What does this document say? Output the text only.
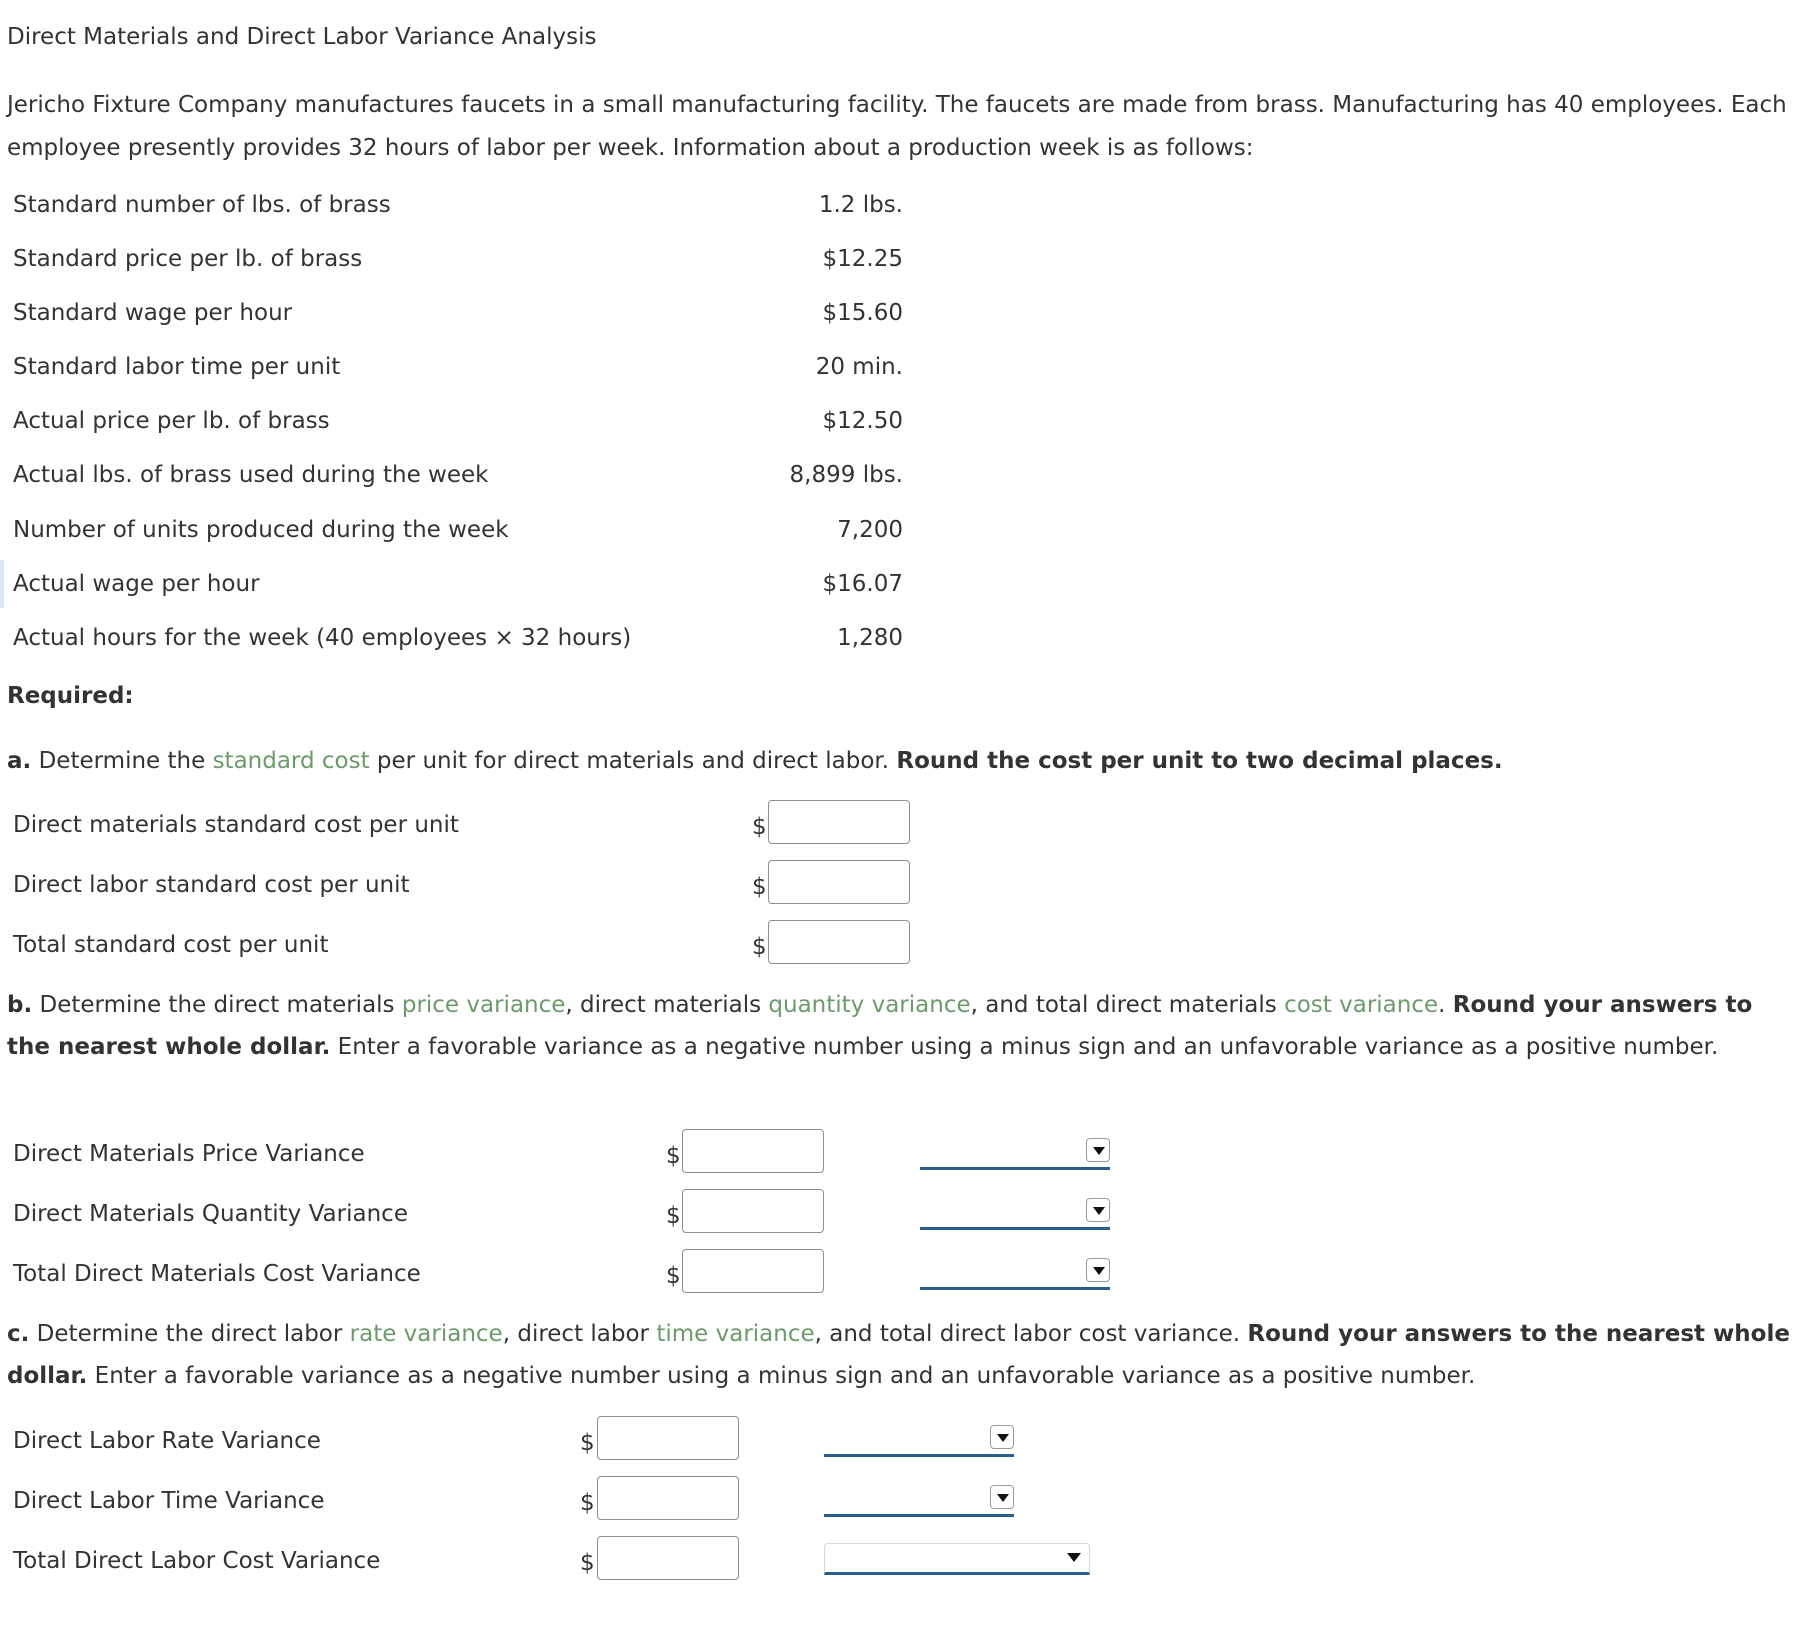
Direct Materials and Direct Labor Variance Analysis
Jericho Fixture Company manufactures faucets in a small manufacturing facility. The faucets are made from brass. Manufacturing has 40 employees. Each employee presently provides 32 hours of labor per week. Information about a production week is as follows:
Standard number of lbs. of brass	1.2 lbs.
Standard price per lb. of brass	$12.25
Standard wage per hour	$15.60
Standard labor time per unit	20 min.
Actual price per lb. of brass	$12.50
Actual lbs. of brass used during the week	8,899 lbs.
Number of units produced during the week	7,200
Actual wage per hour	$16.07
Actual hours for the week (40 employees × 32 hours)	1,280
Required:
a. Determine the standard cost per unit for direct materials and direct labor. Round the cost per unit to two decimal places.
Direct materials standard cost per unit	$
Direct labor standard cost per unit	$
Total standard cost per unit	$
b. Determine the direct materials price variance, direct materials quantity variance, and total direct materials cost variance. Round your answers to the nearest whole dollar. Enter a favorable variance as a negative number using a minus sign and an unfavorable variance as a positive number.
Direct Materials Price Variance	$
Direct Materials Quantity Variance	$
Total Direct Materials Cost Variance	$
c. Determine the direct labor rate variance, direct labor time variance, and total direct labor cost variance. Round your answers to the nearest whole dollar. Enter a favorable variance as a negative number using a minus sign and an unfavorable variance as a positive number.
Direct Labor Rate Variance	$
Direct Labor Time Variance	$
Total Direct Labor Cost Variance	$
